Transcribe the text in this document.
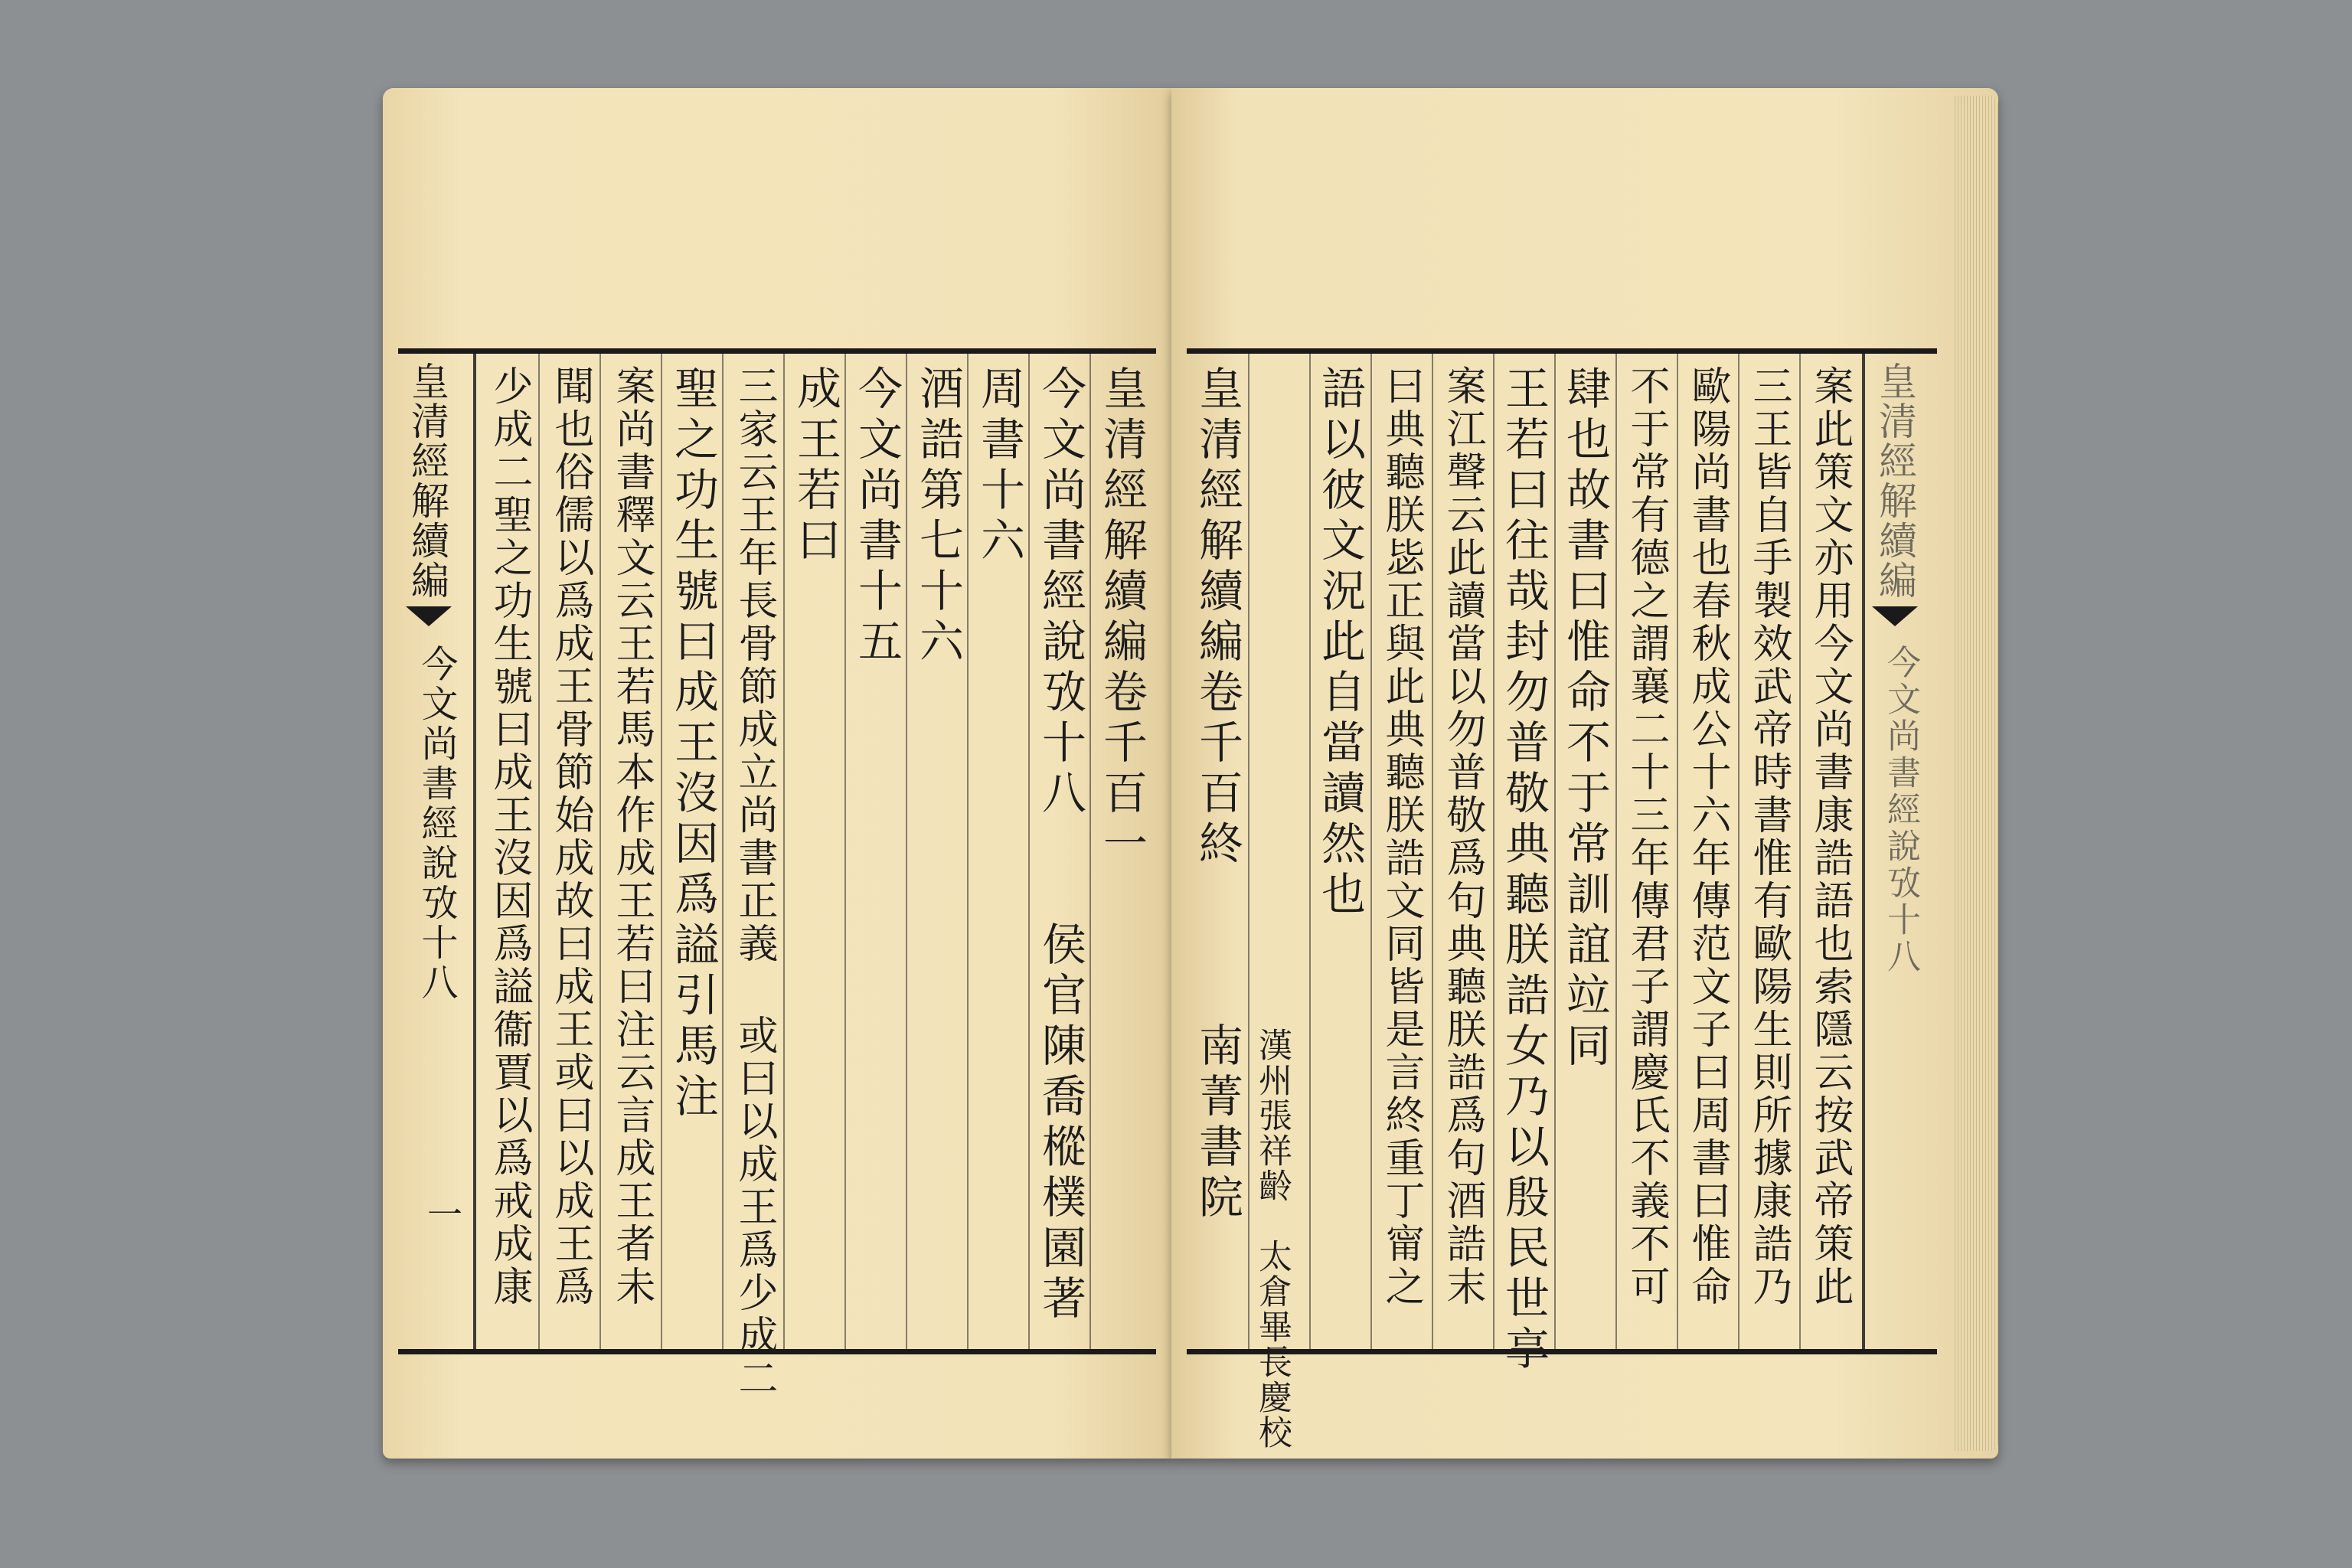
皇清經解續編卷千百一
今文尚書經說攷十八　　侯官陳喬樅樸園著
周書十六
酒誥第七十六
今文尚書十五
成王若曰
三家云王年長骨節成立尚書正義 或曰以成王爲少成二
聖之功生號曰成王沒因爲謚引馬注
案尚書釋文云王若馬本作成王若曰注云言成王者未
聞也俗儒以爲成王骨節始成故曰成王或曰以成王爲
少成二聖之功生號曰成王沒因爲謚衞賈以爲戒成康
皇清經解續編
今文尚書經說攷十八
一	皇清經解續編卷千百終　　　南菁書院
漢州張祥齡　太倉畢長慶校
語以彼文況此自當讀然也 曰典聽朕毖正與此典聽朕誥文同皆是言終重丁甯之 案江聲云此讀當以勿普敬爲句典聽朕誥爲句酒誥末 王若曰往哉封勿普敬典聽朕誥女乃以殷民世享 肆也故書曰惟命不于常訓誼竝同 不于常有德之謂襄二十三年傳君子謂慶氏不義不可 歐陽尚書也春秋成公十六年傳范文子曰周書曰惟命 三王皆自手製效武帝時書惟有歐陽生則所據康誥乃 案此策文亦用今文尚書康誥語也索隱云按武帝策此 皇清經解續編
今文尚書經說攷十八
